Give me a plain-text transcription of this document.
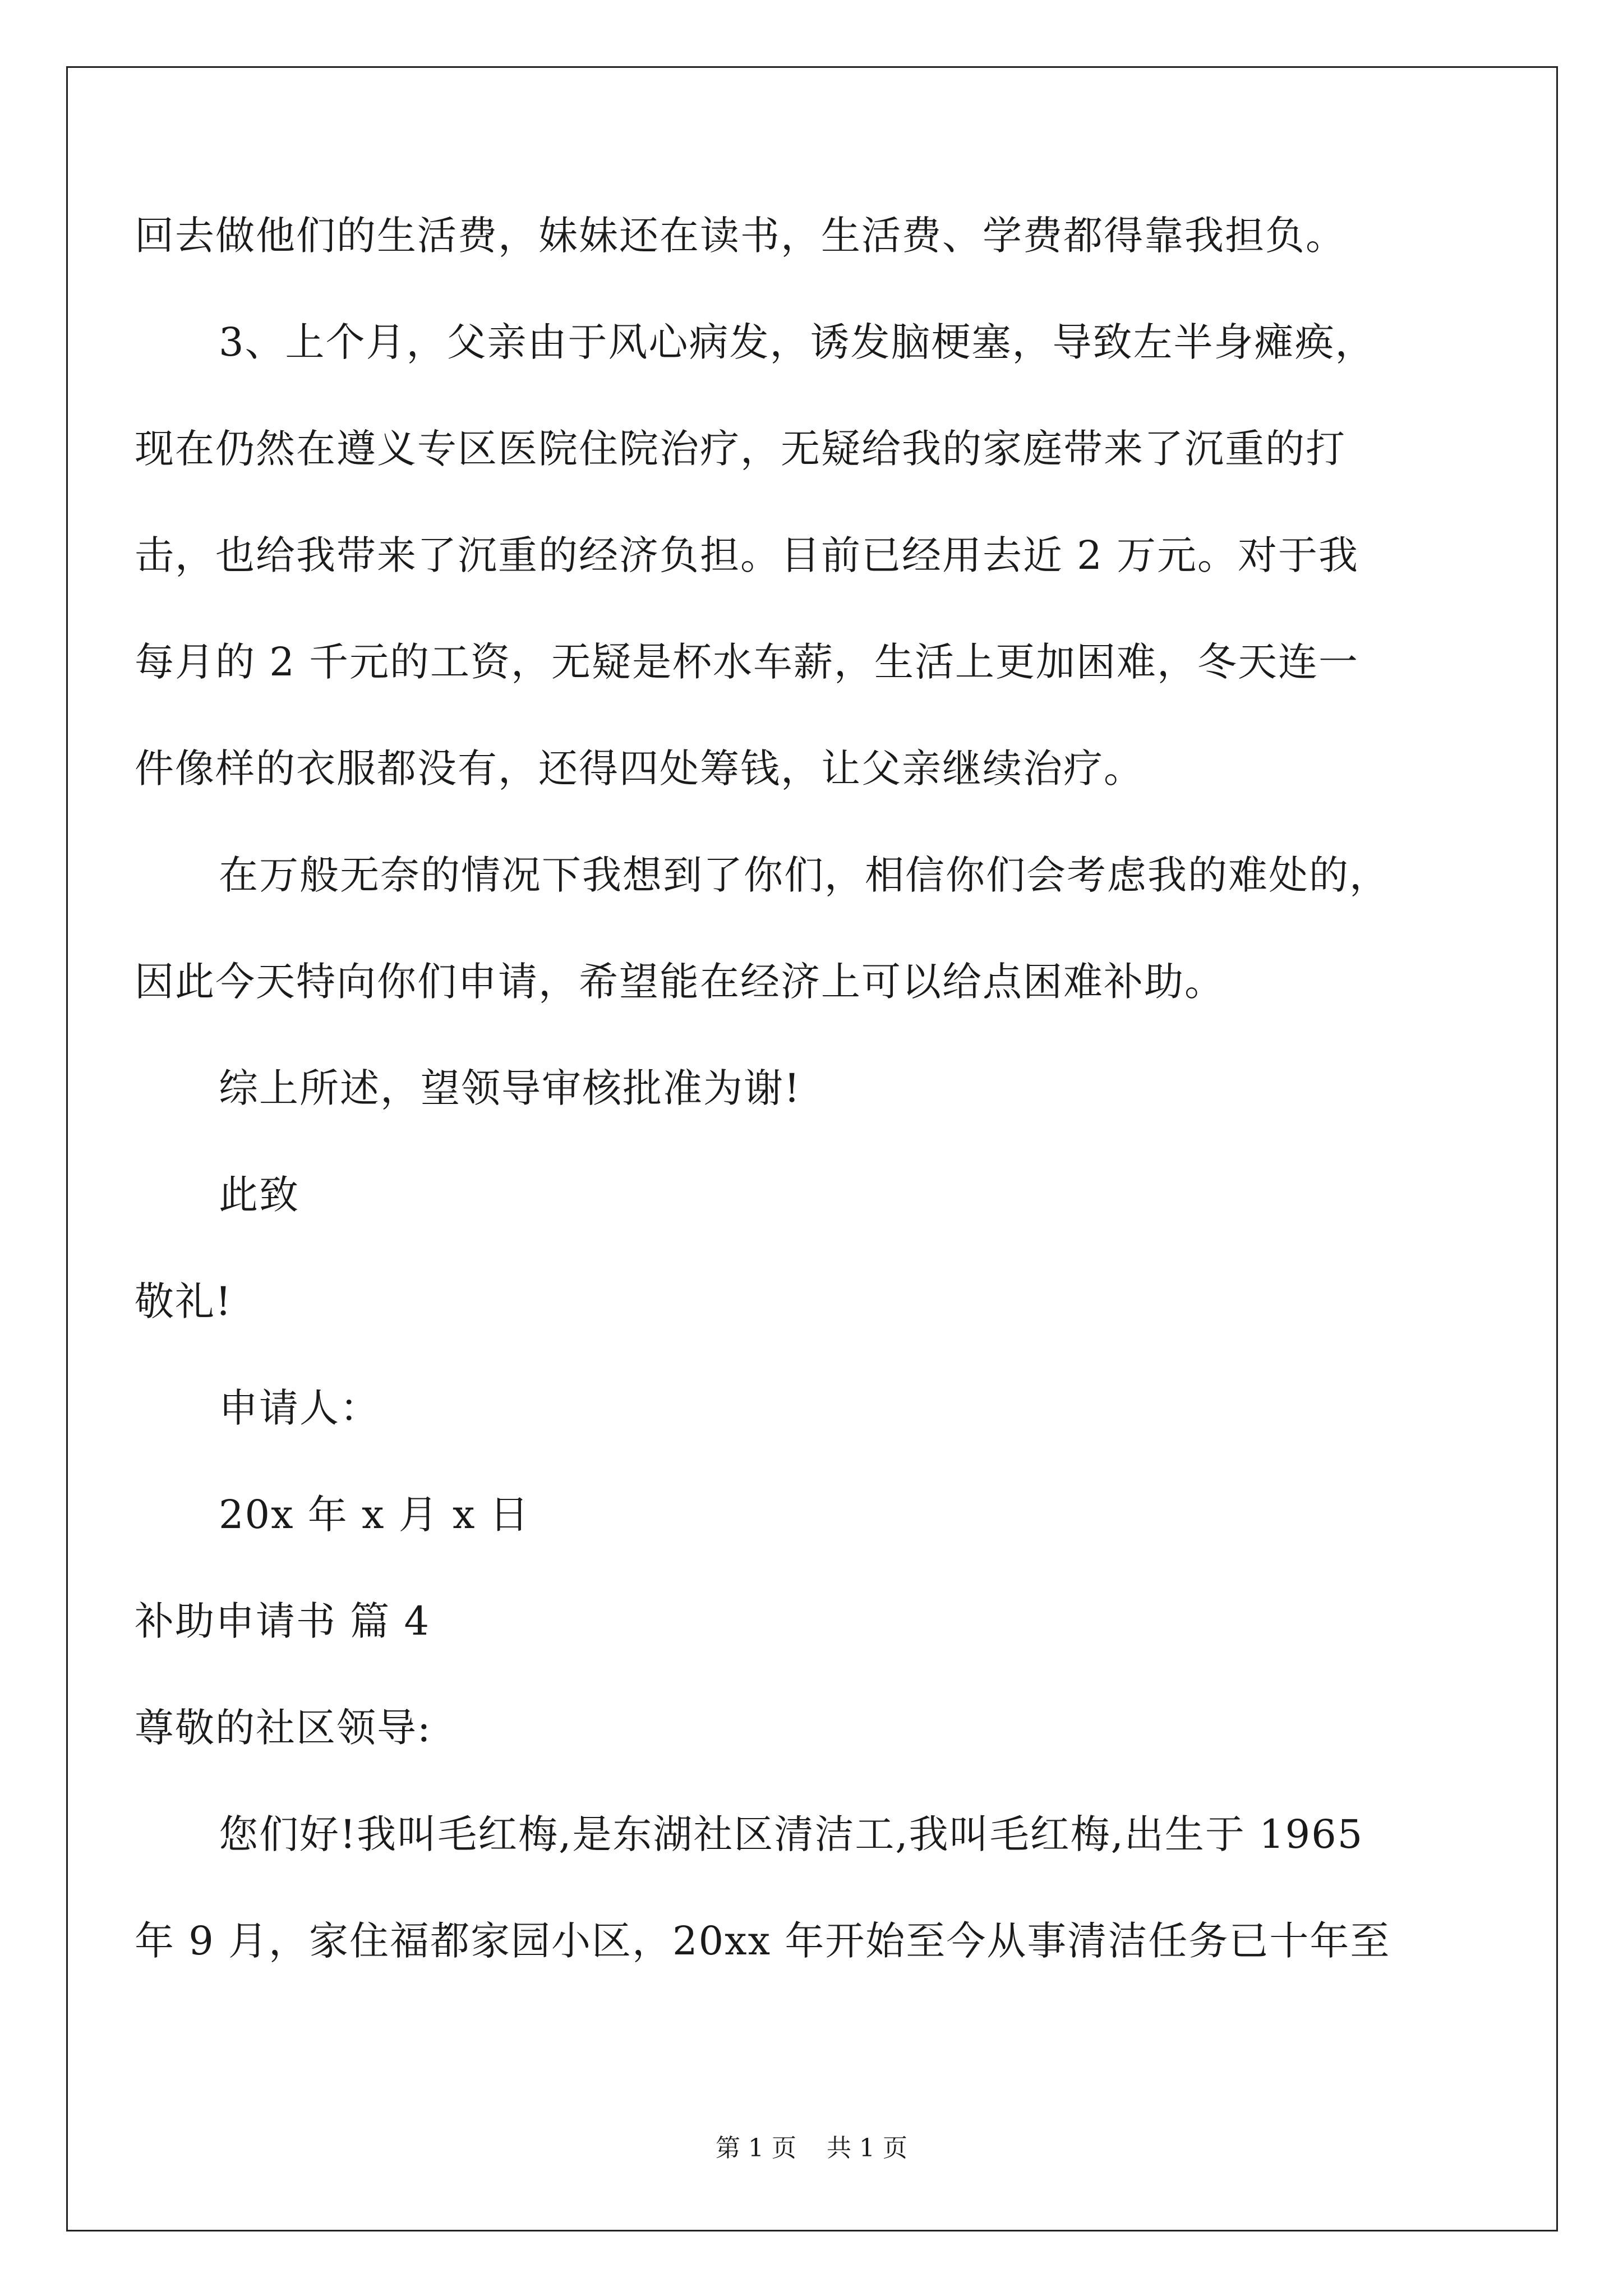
回去做他们的生活费，妹妹还在读书，生活费、学费都得靠我担负。
3、上个月，父亲由于风心病发，诱发脑梗塞，导致左半身瘫痪，
现在仍然在遵义专区医院住院治疗，无疑给我的家庭带来了沉重的打
击，也给我带来了沉重的经济负担。目前已经用去近 2 万元。对于我
每月的 2 千元的工资，无疑是杯水车薪，生活上更加困难，冬天连一
件像样的衣服都没有，还得四处筹钱，让父亲继续治疗。
在万般无奈的情况下我想到了你们，相信你们会考虑我的难处的，
因此今天特向你们申请，希望能在经济上可以给点困难补助。
综上所述，望领导审核批准为谢!
此致
敬礼!
申请人：
20x 年 x 月 x 日
补助申请书 篇 4
尊敬的社区领导:
您们好!我叫毛红梅,是东湖社区清洁工,我叫毛红梅,出生于 1965
年 9 月，家住福都家园小区，20xx 年开始至今从事清洁任务已十年至
第 1 页 共 1 页
